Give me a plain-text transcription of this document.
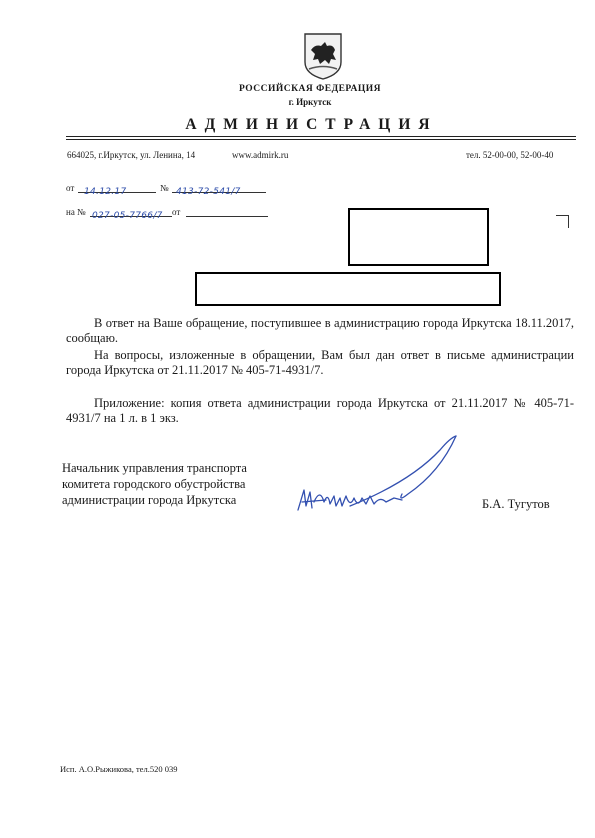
РОССИЙСКАЯ ФЕДЕРАЦИЯ
г. Иркутск
АДМИНИСТРАЦИЯ
664025, г.Иркутск, ул. Ленина, 14	www.admirk.ru	тел. 52-00-00, 52-00-40
от	14.12.17	№ 413-72-541/7
на № 027-05-7766/7	от
В ответ на Ваше обращение, поступившее в администрацию города Иркутска 18.11.2017, сообщаю.
На вопросы, изложенные в обращении, Вам был дан ответ в письме администрации города Иркутска от 21.11.2017 № 405-71-4931/7.
Приложение: копия ответа администрации города Иркутска от 21.11.2017 № 405-71-4931/7 на 1 л. в 1 экз.
Начальник управления транспорта
комитета городского обустройства
администрации города Иркутска	Б.А. Тугутов
Исп. А.О.Рыжикова, тел.520 039
